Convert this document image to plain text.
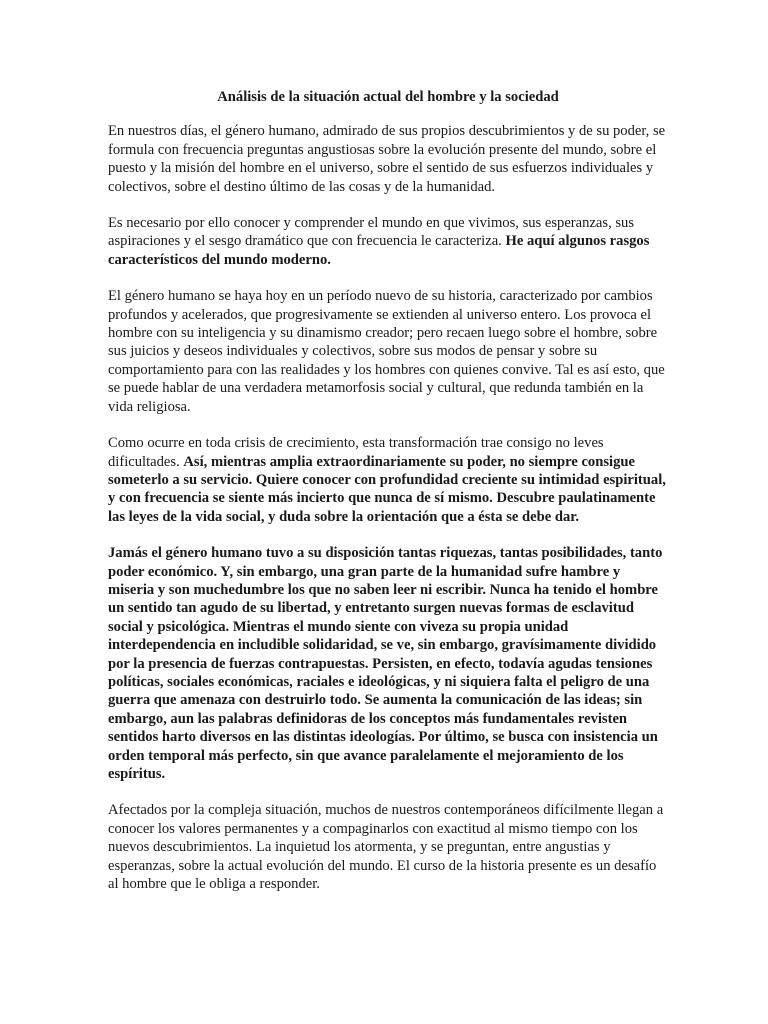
Análisis de la situación actual del hombre y la sociedad

En nuestros días, el género humano, admirado de sus propios descubrimientos y de su poder, se formula con frecuencia preguntas angustiosas sobre la evolución presente del mundo, sobre el puesto y la misión del hombre en el universo, sobre el sentido de sus esfuerzos individuales y colectivos, sobre el destino último de las cosas y de la humanidad.

Es necesario por ello conocer y comprender el mundo en que vivimos, sus esperanzas, sus aspiraciones y el sesgo dramático que con frecuencia le caracteriza. He aquí algunos rasgos característicos del mundo moderno.

El género humano se haya hoy en un período nuevo de su historia, caracterizado por cambios profundos y acelerados, que progresivamente se extienden al universo entero. Los provoca el hombre con su inteligencia y su dinamismo creador; pero recaen luego sobre el hombre, sobre sus juicios y deseos individuales y colectivos, sobre sus modos de pensar y sobre su comportamiento para con las realidades y los hombres con quienes convive. Tal es así esto, que se puede hablar de una verdadera metamorfosis social y cultural, que redunda también en la vida religiosa.

Como ocurre en toda crisis de crecimiento, esta transformación trae consigo no leves dificultades. Así, mientras amplia extraordinariamente su poder, no siempre consigue someterlo a su servicio. Quiere conocer con profundidad creciente su intimidad espiritual, y con frecuencia se siente más incierto que nunca de sí mismo. Descubre paulatinamente las leyes de la vida social, y duda sobre la orientación que a ésta se debe dar.

Jamás el género humano tuvo a su disposición tantas riquezas, tantas posibilidades, tanto poder económico. Y, sin embargo, una gran parte de la humanidad sufre hambre y miseria y son muchedumbre los que no saben leer ni escribir. Nunca ha tenido el hombre un sentido tan agudo de su libertad, y entretanto surgen nuevas formas de esclavitud social y psicológica. Mientras el mundo siente con viveza su propia unidad interdependencia en includible solidaridad, se ve, sin embargo, gravísimamente dividido por la presencia de fuerzas contrapuestas. Persisten, en efecto, todavía agudas tensiones políticas, sociales económicas, raciales e ideológicas, y ni siquiera falta el peligro de una guerra que amenaza con destruirlo todo. Se aumenta la comunicación de las ideas; sin embargo, aun las palabras definidoras de los conceptos más fundamentales revisten sentidos harto diversos en las distintas ideologías. Por último, se busca con insistencia un orden temporal más perfecto, sin que avance paralelamente el mejoramiento de los espíritus.

Afectados por la compleja situación, muchos de nuestros contemporáneos difícilmente llegan a conocer los valores permanentes y a compaginarlos con exactitud al mismo tiempo con los nuevos descubrimientos. La inquietud los atormenta, y se preguntan, entre angustias y esperanzas, sobre la actual evolución del mundo. El curso de la historia presente es un desafío al hombre que le obliga a responder.
